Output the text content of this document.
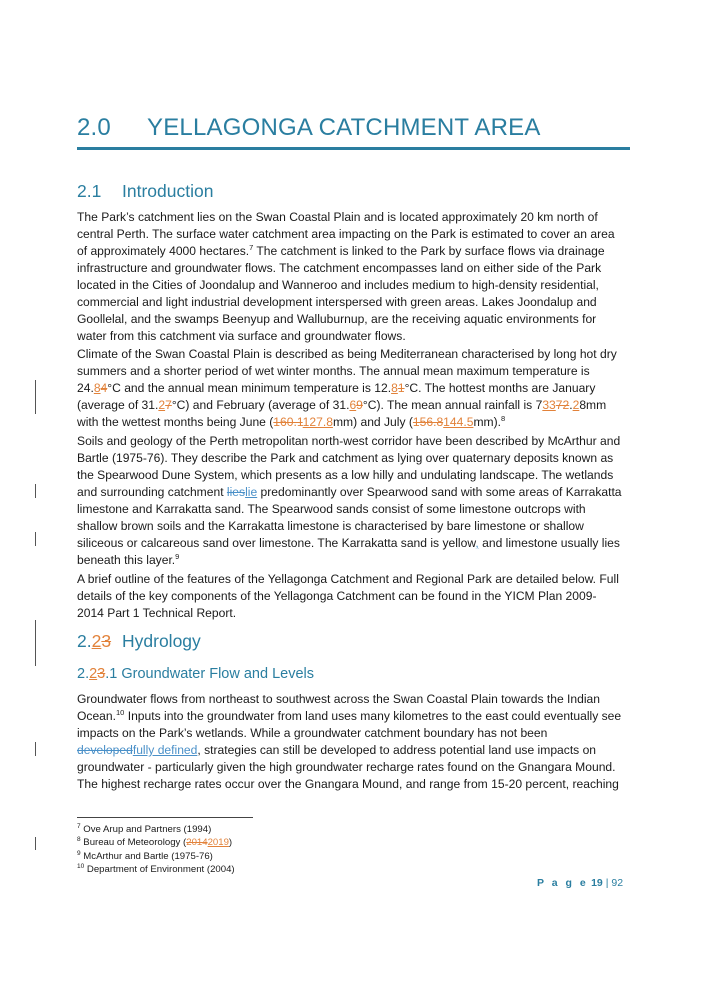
2.0 YELLAGONGA CATCHMENT AREA
2.1 Introduction
The Park’s catchment lies on the Swan Coastal Plain and is located approximately 20 km north of
central Perth. The surface water catchment area impacting on the Park is estimated to cover an area
of approximately 4000 hectares.$^7$ The catchment is linked to the Park by surface flows via drainage
infrastructure and groundwater flows. The catchment encompasses land on either side of the Park
located in the Cities of Joondalup and Wanneroo and includes medium to high-density residential,
commercial and light industrial development interspersed with green areas. Lakes Joondalup and
Goollelal, and the swamps Beenyup and Walluburnup, are the receiving aquatic environments for
water from this catchment via surface and groundwater flows.
Climate of the Swan Coastal Plain is described as being Mediterranean characterised by long hot dry
summers and a shorter period of wet winter months. The annual mean maximum temperature is
24.84°C and the annual mean minimum temperature is 12.81°C. The hottest months are January
(average of 31.27°C) and February (average of 31.69°C). The mean annual rainfall is 73372.28mm
with the wettest months being June (160.1127.8mm) and July (156.8144.5mm).$^8$
Soils and geology of the Perth metropolitan north-west corridor have been described by McArthur and
Bartle (1975-76). They describe the Park and catchment as lying over quaternary deposits known as
the Spearwood Dune System, which presents as a low hilly and undulating landscape. The wetlands
and surrounding catchment lieslie predominantly over Spearwood sand with some areas of Karrakatta
limestone and Karrakatta sand. The Spearwood sands consist of some limestone outcrops with
shallow brown soils and the Karrakatta limestone is characterised by bare limestone or shallow
siliceous or calcareous sand over limestone. The Karrakatta sand is yellow, and limestone usually lies
beneath this layer.$^9$
A brief outline of the features of the Yellagonga Catchment and Regional Park are detailed below. Full
details of the key components of the Yellagonga Catchment can be found in the YICM Plan 2009-
2014 Part 1 Technical Report.
2.23 Hydrology
2.23.1 Groundwater Flow and Levels
Groundwater flows from northeast to southwest across the Swan Coastal Plain towards the Indian
Ocean.$^{10}$ Inputs into the groundwater from land uses many kilometres to the east could eventually see
impacts on the Park’s wetlands. While a groundwater catchment boundary has not been
developedfully defined, strategies can still be developed to address potential land use impacts on
groundwater - particularly given the high groundwater recharge rates found on the Gnangara Mound.
The highest recharge rates occur over the Gnangara Mound, and range from 15-20 percent, reaching
$^7$ Ove Arup and Partners (1994)
$^8$ Bureau of Meteorology (20142019)
$^9$ McArthur and Bartle (1975-76)
$^{10}$ Department of Environment (2004)
P a g e 19 | 92
